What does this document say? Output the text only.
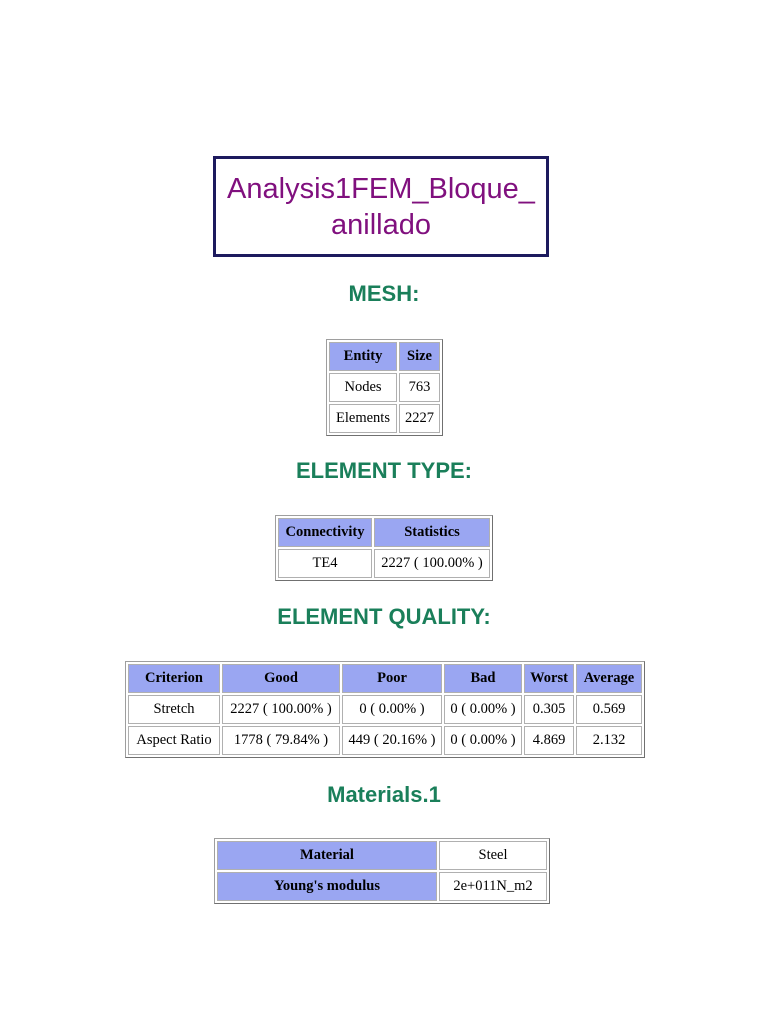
Analysis1FEM_Bloque_anillado
MESH:
Entity	Size
Nodes	763
Elements	2227
ELEMENT TYPE:
Connectivity	Statistics
TE4	2227 ( 100.00% )
ELEMENT QUALITY:
Criterion	Good	Poor	Bad	Worst	Average
Stretch	2227 ( 100.00% )	0 ( 0.00% )	0 ( 0.00% )	0.305	0.569
Aspect Ratio	1778 ( 79.84% )	449 ( 20.16% )	0 ( 0.00% )	4.869	2.132
Materials.1
Material	Steel
Young's modulus	2e+011N_m2
